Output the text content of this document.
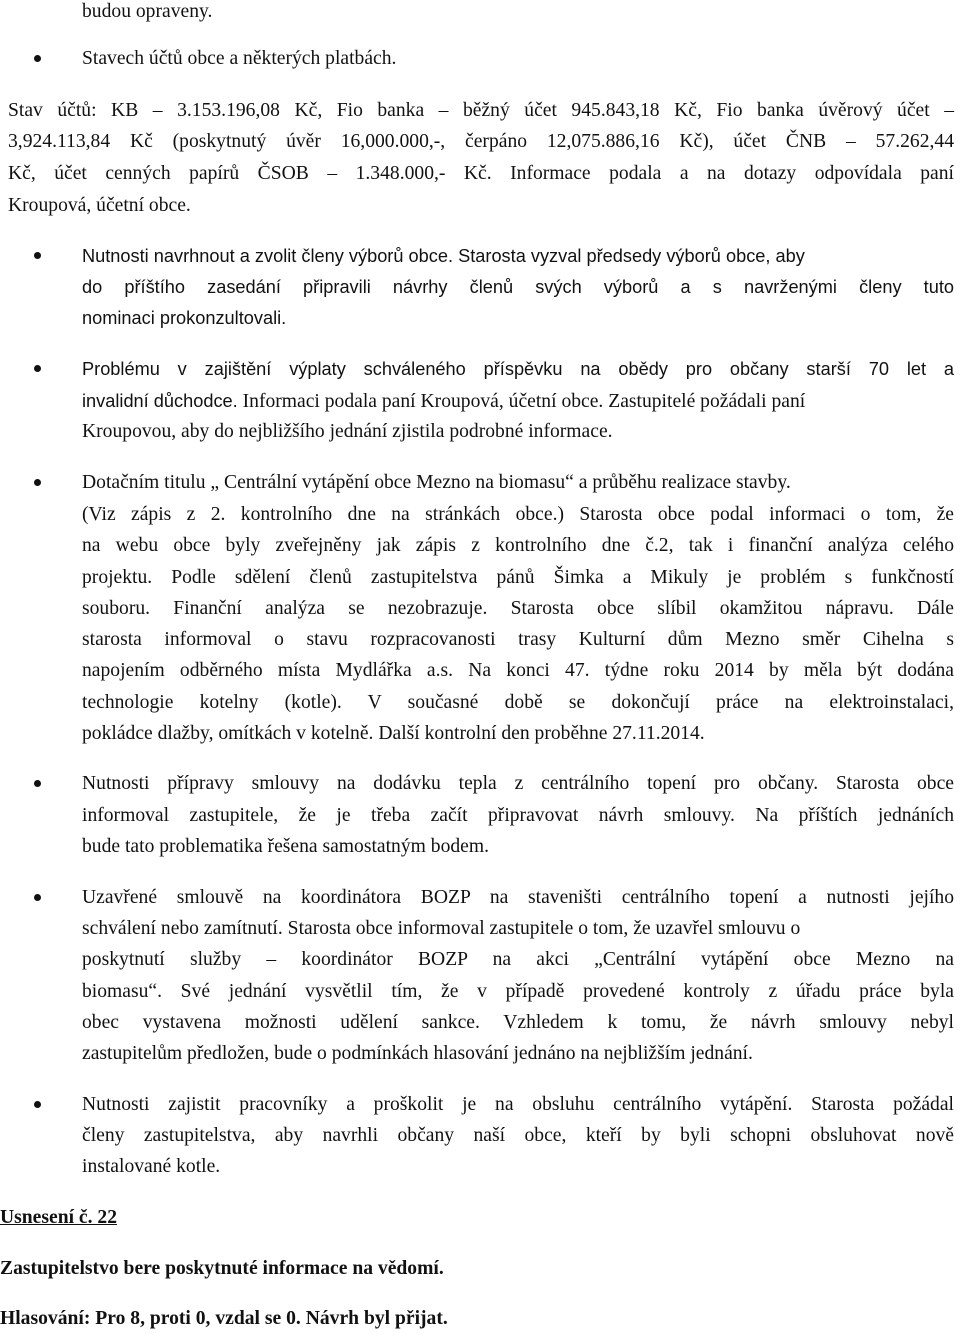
budou opraveny.
Stavech účtů obce a některých platbách.
Stav účtů: KB – 3.153.196,08 Kč, Fio banka – běžný účet 945.843,18 Kč, Fio banka úvěrový účet –
3,924.113,84 Kč (poskytnutý úvěr 16,000.000,-, čerpáno 12,075.886,16 Kč), účet ČNB – 57.262,44
Kč, účet cenných papírů ČSOB – 1.348.000,- Kč. Informace podala a na dotazy odpovídala paní
Kroupová, účetní obce.
Nutnosti navrhnout a zvolit členy výborů obce. Starosta vyzval předsedy výborů obce, aby
do příštího zasedání připravili návrhy členů svých výborů a s navrženými členy tuto
nominaci prokonzultovali.
Problému v zajištění výplaty schváleného příspěvku na obědy pro občany starší 70 let a
invalidní důchodce. Informaci podala paní Kroupová, účetní obce. Zastupitelé požádali paní
Kroupovou, aby do nejbližšího jednání zjistila podrobné informace.
Dotačním titulu „ Centrální vytápění obce Mezno na biomasu“ a průběhu realizace stavby.
(Viz zápis z 2. kontrolního dne na stránkách obce.) Starosta obce podal informaci o tom, že
na webu obce byly zveřejněny jak zápis z kontrolního dne č.2, tak i finanční analýza celého
projektu. Podle sdělení členů zastupitelstva pánů Šimka a Mikuly je problém s funkčností
souboru. Finanční analýza se nezobrazuje. Starosta obce slíbil okamžitou nápravu. Dále
starosta informoval o stavu rozpracovanosti trasy Kulturní dům Mezno směr Cihelna s
napojením odběrného místa Mydlářka a.s. Na konci 47. týdne roku 2014 by měla být dodána
technologie kotelny (kotle). V současné době se dokončují práce na elektroinstalaci,
pokládce dlažby, omítkách v kotelně. Další kontrolní den proběhne 27.11.2014.
Nutnosti přípravy smlouvy na dodávku tepla z centrálního topení pro občany. Starosta obce
informoval zastupitele, že je třeba začít připravovat návrh smlouvy. Na příštích jednáních
bude tato problematika řešena samostatným bodem.
Uzavřené smlouvě na koordinátora BOZP na staveništi centrálního topení a nutnosti jejího
schválení nebo zamítnutí. Starosta obce informoval zastupitele o tom, že uzavřel smlouvu o
poskytnutí služby – koordinátor BOZP na akci „Centrální vytápění obce Mezno na
biomasu“. Své jednání vysvětlil tím, že v případě provedené kontroly z úřadu práce byla
obec vystavena možnosti udělení sankce. Vzhledem k tomu, že návrh smlouvy nebyl
zastupitelům předložen, bude o podmínkách hlasování jednáno na nejbližším jednání.
Nutnosti zajistit pracovníky a proškolit je na obsluhu centrálního vytápění. Starosta požádal
členy zastupitelstva, aby navrhli občany naší obce, kteří by byli schopni obsluhovat nově
instalované kotle.
Usnesení č. 22
Zastupitelstvo bere poskytnuté informace na vědomí.
Hlasování: Pro 8, proti 0, vzdal se 0. Návrh byl přijat.
